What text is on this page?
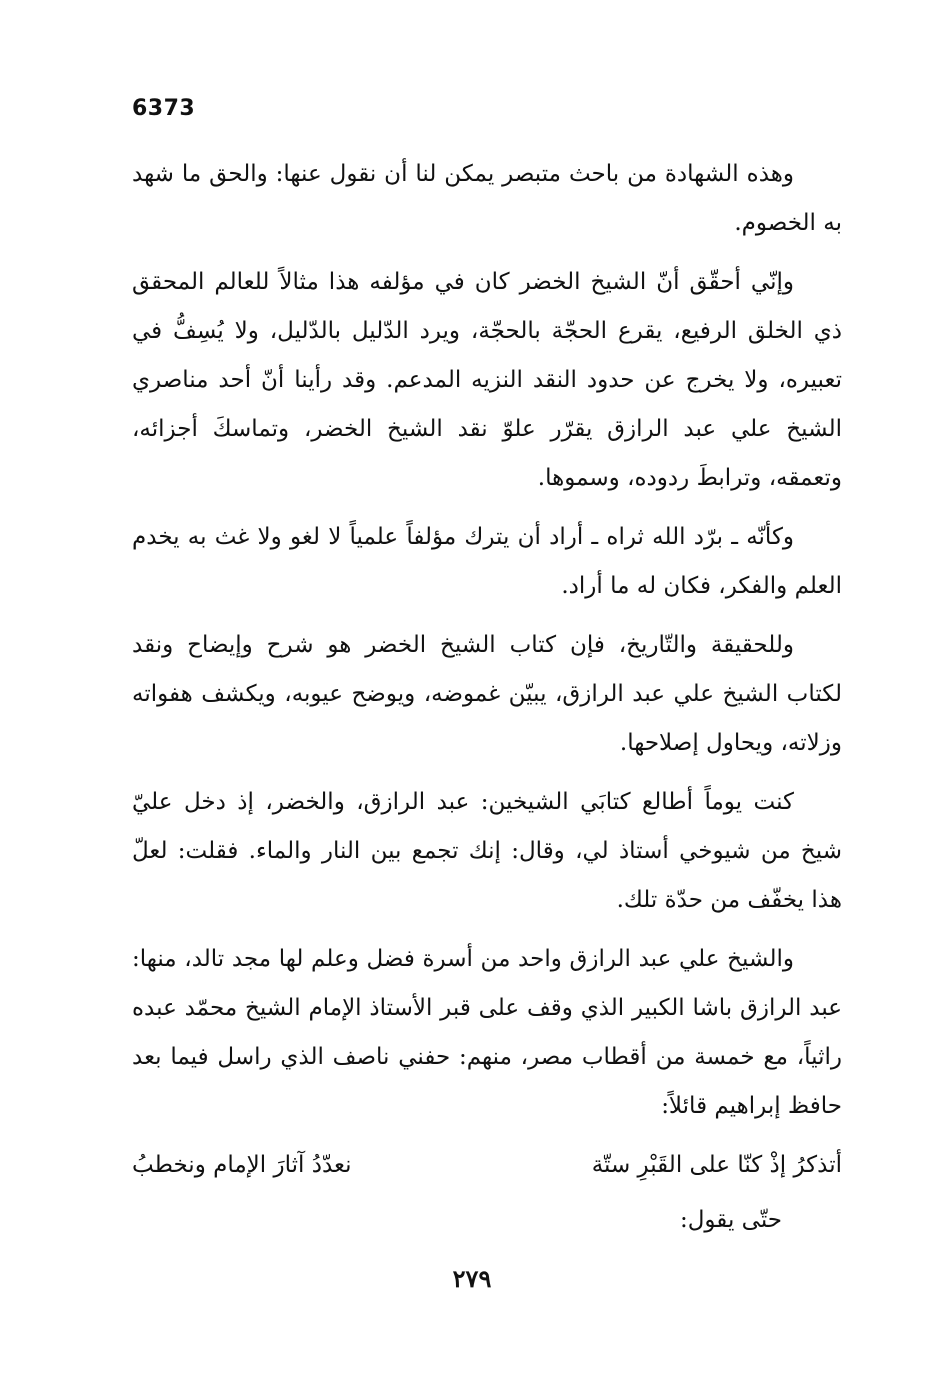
6373

وهذه الشهادة من باحث متبصر يمكن لنا أن نقول عنها: والحق ما شهد به الخصوم.

وإنّي أحقّق أنّ الشيخ الخضر كان في مؤلفه هذا مثالاً للعالم المحقق ذي الخلق الرفيع، يقرع الحجّة بالحجّة، ويرد الدّليل بالدّليل، ولا يُسِفُّ في تعبيره، ولا يخرج عن حدود النقد النزيه المدعم. وقد رأينا أنّ أحد مناصري الشيخ علي عبد الرازق يقرّر علوّ نقد الشيخ الخضر، وتماسكَ أجزائه، وتعمقه، وترابطَ ردوده، وسموها.

وكأنّه ـ برّد الله ثراه ـ أراد أن يترك مؤلفاً علمياً لا لغو ولا غث به يخدم العلم والفكر، فكان له ما أراد.

وللحقيقة والتّاريخ، فإن كتاب الشيخ الخضر هو شرح وإيضاح ونقد لكتاب الشيخ علي عبد الرازق، يبيّن غموضه، ويوضح عيوبه، ويكشف هفواته وزلاته، ويحاول إصلاحها.

كنت يوماً أطالع كتابَي الشيخين: عبد الرازق، والخضر، إذ دخل عليّ شيخ من شيوخي أستاذ لي، وقال: إنك تجمع بين النار والماء. فقلت: لعلّ هذا يخفّف من حدّة تلك.

والشيخ علي عبد الرازق واحد من أسرة فضل وعلم لها مجد تالد، منها: عبد الرازق باشا الكبير الذي وقف على قبر الأستاذ الإمام الشيخ محمّد عبده راثياً، مع خمسة من أقطاب مصر، منهم: حفني ناصف الذي راسل فيما بعد حافظ إبراهيم قائلاً:

أتذكرُ إذْ كنّا على القَبْرِ ستّة
نعدّدُ آثارَ الإمام ونخطبُ
حتّى يقول:
٢٧٩
